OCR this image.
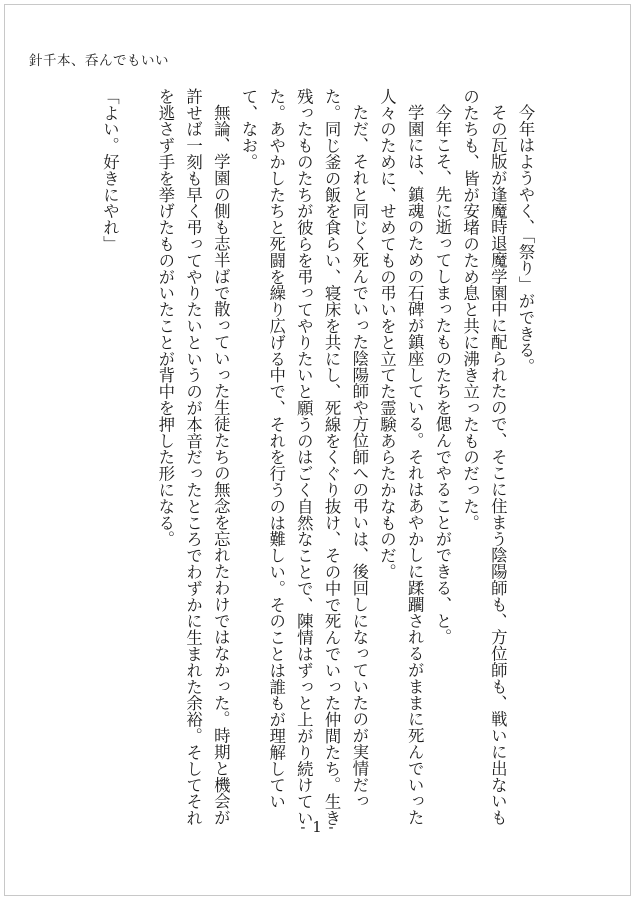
針千本、呑んでもいい

今年はようやく、「祭り」ができる。

その瓦版が逢魔時退魔学園中に配られたので、そこに住まう陰陽師も、方位師も、戦いに出ないものたちも、皆が安堵のため息と共に沸き立ったものだった。

今年こそ、先に逝ってしまったものたちを偲んでやることができる、と。

学園には、鎮魂のための石碑が鎮座している。それはあやかしに蹂躙されるがままに死んでいった人々のために、せめてもの弔いをと立てた霊験あらたかなものだ。

ただ、それと同じく死んでいった陰陽師や方位師への弔いは、後回しになっていたのが実情だった。同じ釜の飯を食らい、寝床を共にし、死線をくぐり抜け、その中で死んでいった仲間たち。生き残ったものたちが彼らを弔ってやりたいと願うのはごく自然なことで、陳情はずっと上がり続けていた。あやかしたちと死闘を繰り広げる中で、それを行うのは難しい。そのことは誰もが理解していて、なお。

無論、学園の側も志半ばで散っていった生徒たちの無念を忘れたわけではなかった。時期と機会が許せば一刻も早く弔ってやりたいというのが本音だったところでわずかに生まれた余裕。そしてそれを逃さず手を挙げたものがいたことが背中を押した形になる。

「よい。好きにやれ」

- 1 -
